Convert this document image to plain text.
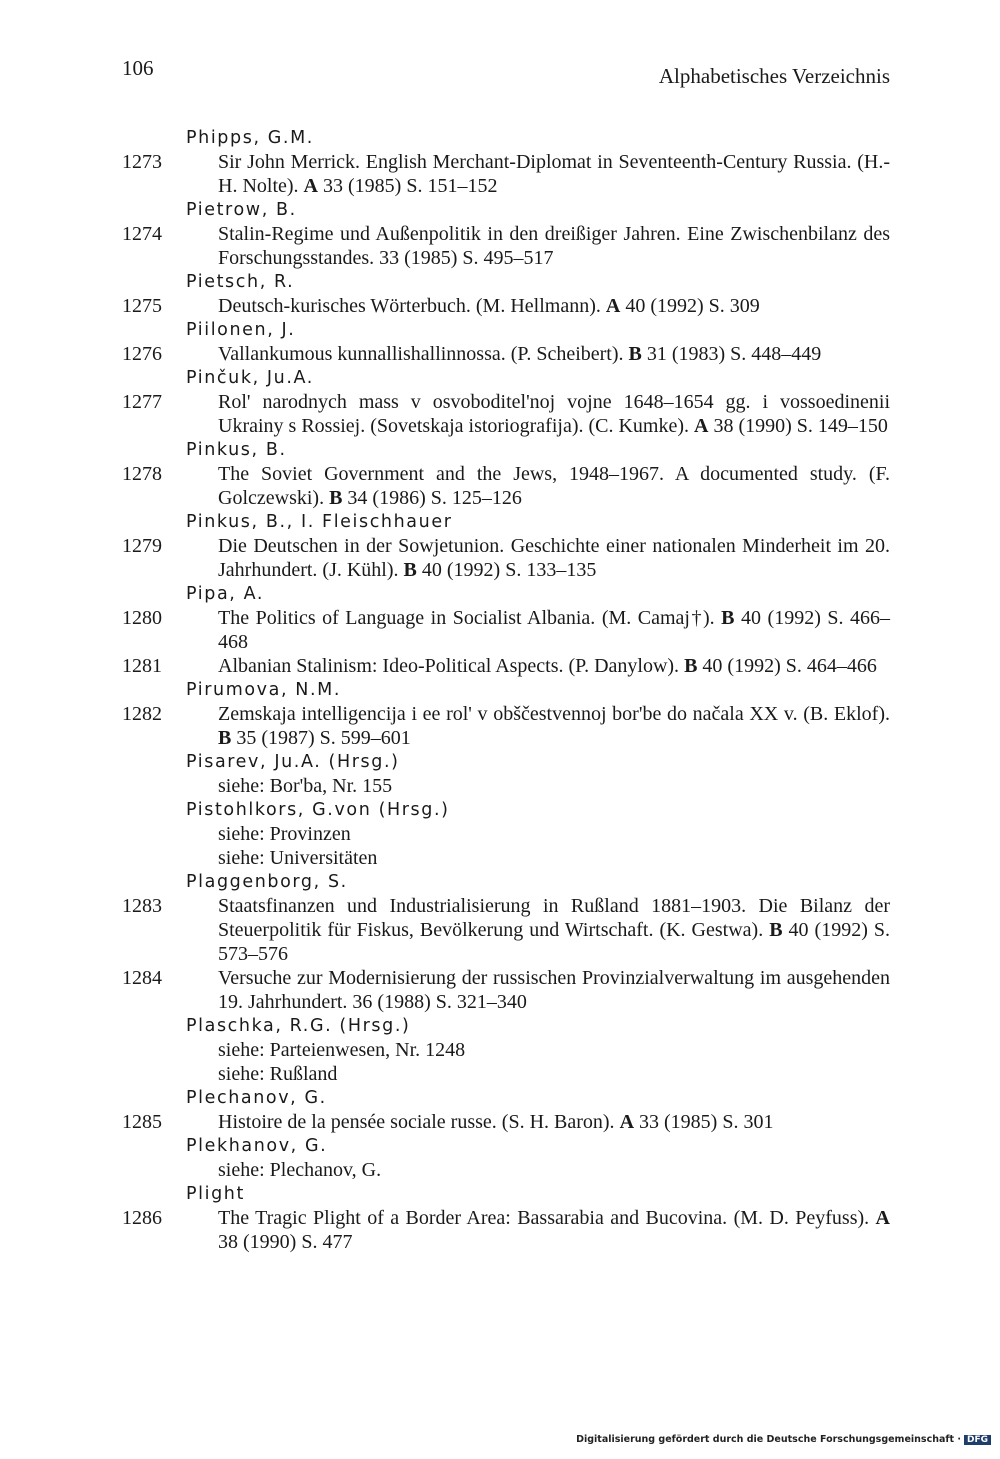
106	Alphabetisches Verzeichnis
Phipps, G.M.
1273	Sir John Merrick. English Merchant-Diplomat in Seventeenth-Century Russia. (H.-H. Nolte). A 33 (1985) S. 151–152
Pietrow, B.
1274	Stalin-Regime und Außenpolitik in den dreißiger Jahren. Eine Zwischenbilanz des Forschungsstandes. 33 (1985) S. 495–517
Pietsch, R.
1275	Deutsch-kurisches Wörterbuch. (M. Hellmann). A 40 (1992) S. 309
Piilonen, J.
1276	Vallankumous kunnallishallinnossa. (P. Scheibert). B 31 (1983) S. 448–449
Pinčuk, Ju.A.
1277	Rol' narodnych mass v osvoboditel'noj vojne 1648–1654 gg. i vossoedinenii Ukrainy s Rossiej. (Sovetskaja istoriografija). (C. Kumke). A 38 (1990) S. 149–150
Pinkus, B.
1278	The Soviet Government and the Jews, 1948–1967. A documented study. (F. Golczewski). B 34 (1986) S. 125–126
Pinkus, B., I. Fleischhauer
1279	Die Deutschen in der Sowjetunion. Geschichte einer nationalen Minderheit im 20. Jahrhundert. (J. Kühl). B 40 (1992) S. 133–135
Pipa, A.
1280	The Politics of Language in Socialist Albania. (M. Camaj†). B 40 (1992) S. 466–468
1281	Albanian Stalinism: Ideo-Political Aspects. (P. Danylow). B 40 (1992) S. 464–466
Pirumova, N.M.
1282	Zemskaja intelligencija i ee rol' v obščestvennoj bor'be do načala XX v. (B. Eklof). B 35 (1987) S. 599–601
Pisarev, Ju.A. (Hrsg.)
siehe: Bor'ba, Nr. 155
Pistohlkors, G.von (Hrsg.)
siehe: Provinzen
siehe: Universitäten
Plaggenborg, S.
1283	Staatsfinanzen und Industrialisierung in Rußland 1881–1903. Die Bilanz der Steuerpolitik für Fiskus, Bevölkerung und Wirtschaft. (K. Gestwa). B 40 (1992) S. 573–576
1284	Versuche zur Modernisierung der russischen Provinzialverwaltung im ausgehenden 19. Jahrhundert. 36 (1988) S. 321–340
Plaschka, R.G. (Hrsg.)
siehe: Parteienwesen, Nr. 1248
siehe: Rußland
Plechanov, G.
1285	Histoire de la pensée sociale russe. (S. H. Baron). A 33 (1985) S. 301
Plekhanov, G.
siehe: Plechanov, G.
Plight
1286	The Tragic Plight of a Border Area: Bassarabia and Bucovina. (M. D. Peyfuss). A 38 (1990) S. 477
Digitalisierung gefördert durch die Deutsche Forschungsgemeinschaft · DFG
